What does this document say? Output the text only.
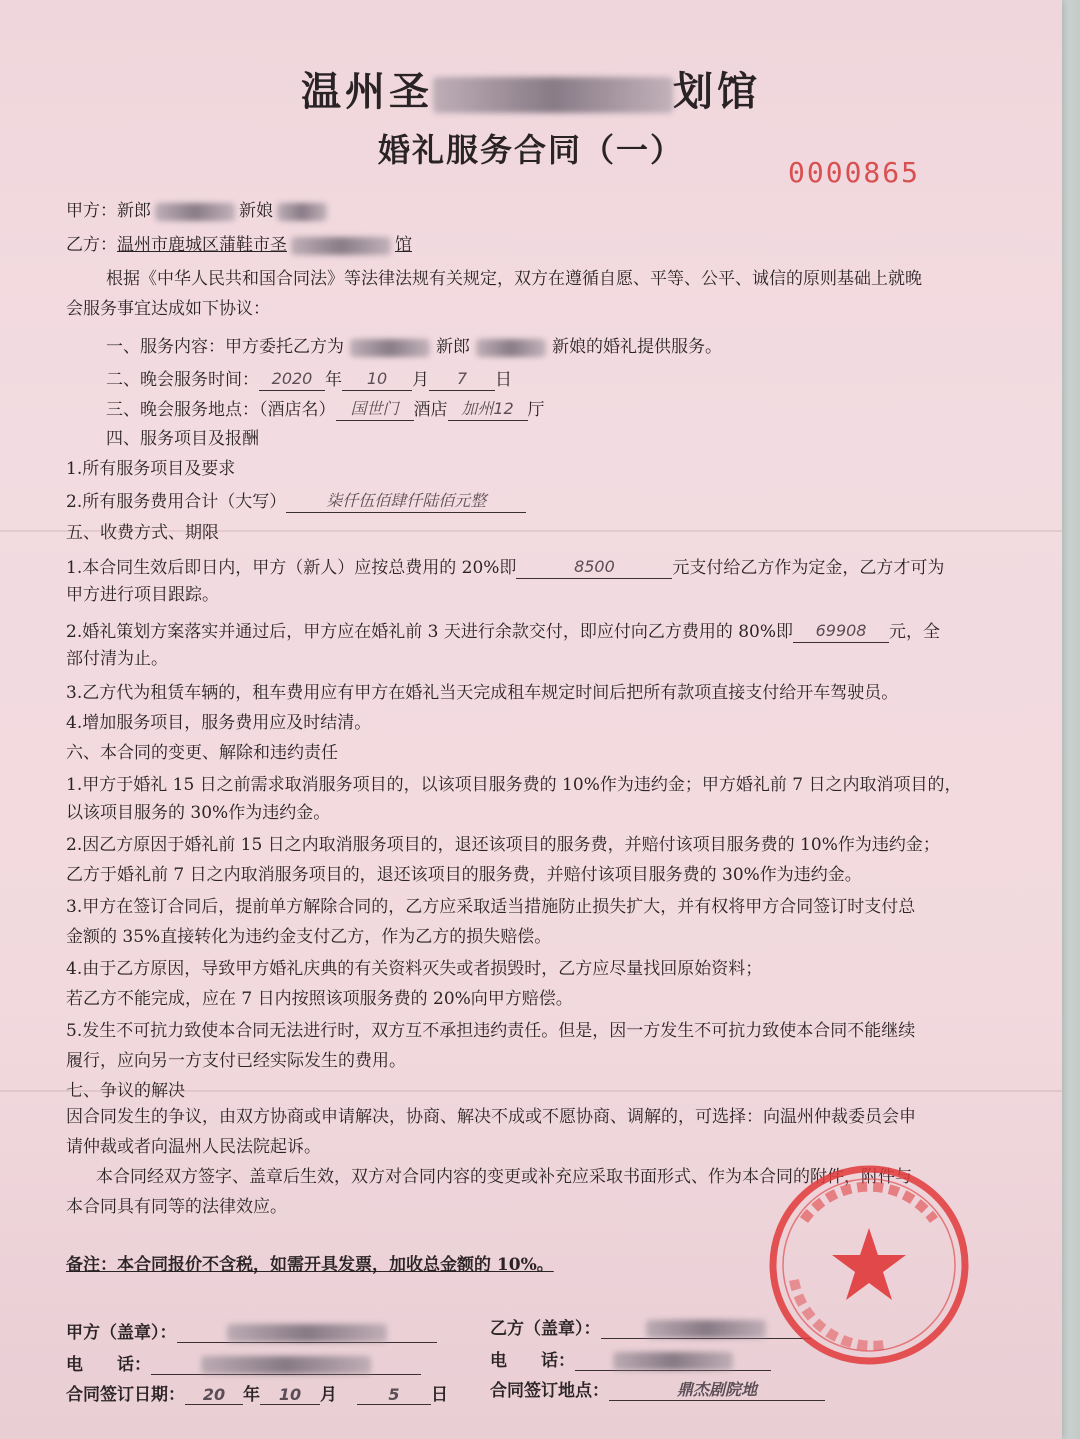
温州圣	划馆
婚礼服务合同（一）
0000865
甲方：新郎	新娘
乙方：温州市鹿城区蒲鞋市圣	馆
根据《中华人民共和国合同法》等法律法规有关规定，双方在遵循自愿、平等、公平、诚信的原则基础上就晚
会服务事宜达成如下协议：
一、服务内容：甲方委托乙方为	新郎	新娘的婚礼提供服务。
二、晚会服务时间： 2020 年 10 月 7 日
三、晚会服务地点：（酒店名） 国世门 酒店 加州12 厅
四、服务项目及报酬
1.所有服务项目及要求
2.所有服务费用合计（大写） 柒仟伍佰肆仟陆佰元整
五、收费方式、期限
1.本合同生效后即日内，甲方（新人）应按总费用的 20%即	8500	元支付给乙方作为定金，乙方才可为
甲方进行项目跟踪。
2.婚礼策划方案落实并通过后，甲方应在婚礼前 3 天进行余款交付，即应付向乙方费用的 80%即 69908 元，全
部付清为止。
3.乙方代为租赁车辆的，租车费用应有甲方在婚礼当天完成租车规定时间后把所有款项直接支付给开车驾驶员。
4.增加服务项目，服务费用应及时结清。
六、本合同的变更、解除和违约责任
1.甲方于婚礼 15 日之前需求取消服务项目的，以该项目服务费的 10%作为违约金；甲方婚礼前 7 日之内取消项目的，
以该项目服务的 30%作为违约金。
2.因乙方原因于婚礼前 15 日之内取消服务项目的，退还该项目的服务费，并赔付该项目服务费的 10%作为违约金；
乙方于婚礼前 7 日之内取消服务项目的，退还该项目的服务费，并赔付该项目服务费的 30%作为违约金。
3.甲方在签订合同后，提前单方解除合同的，乙方应采取适当措施防止损失扩大，并有权将甲方合同签订时支付总
金额的 35%直接转化为违约金支付乙方，作为乙方的损失赔偿。
4.由于乙方原因，导致甲方婚礼庆典的有关资料灭失或者损毁时，乙方应尽量找回原始资料；
若乙方不能完成，应在 7 日内按照该项服务费的 20%向甲方赔偿。
5.发生不可抗力致使本合同无法进行时，双方互不承担违约责任。但是，因一方发生不可抗力致使本合同不能继续
履行，应向另一方支付已经实际发生的费用。
七、争议的解决
因合同发生的争议，由双方协商或申请解决，协商、解决不成或不愿协商、调解的，可选择：向温州仲裁委员会申
请仲裁或者向温州人民法院起诉。
本合同经双方签字、盖章后生效，双方对合同内容的变更或补充应采取书面形式、作为本合同的附件，附件与
本合同具有同等的法律效应。
备注：本合同报价不含税，如需开具发票，加收总金额的 10%。
甲方（盖章）：
电　　话：
合同签订日期： 20 年 10 月	5 日
乙方（盖章）：
电　　话：
合同签订地点：	鼎杰剧院地
